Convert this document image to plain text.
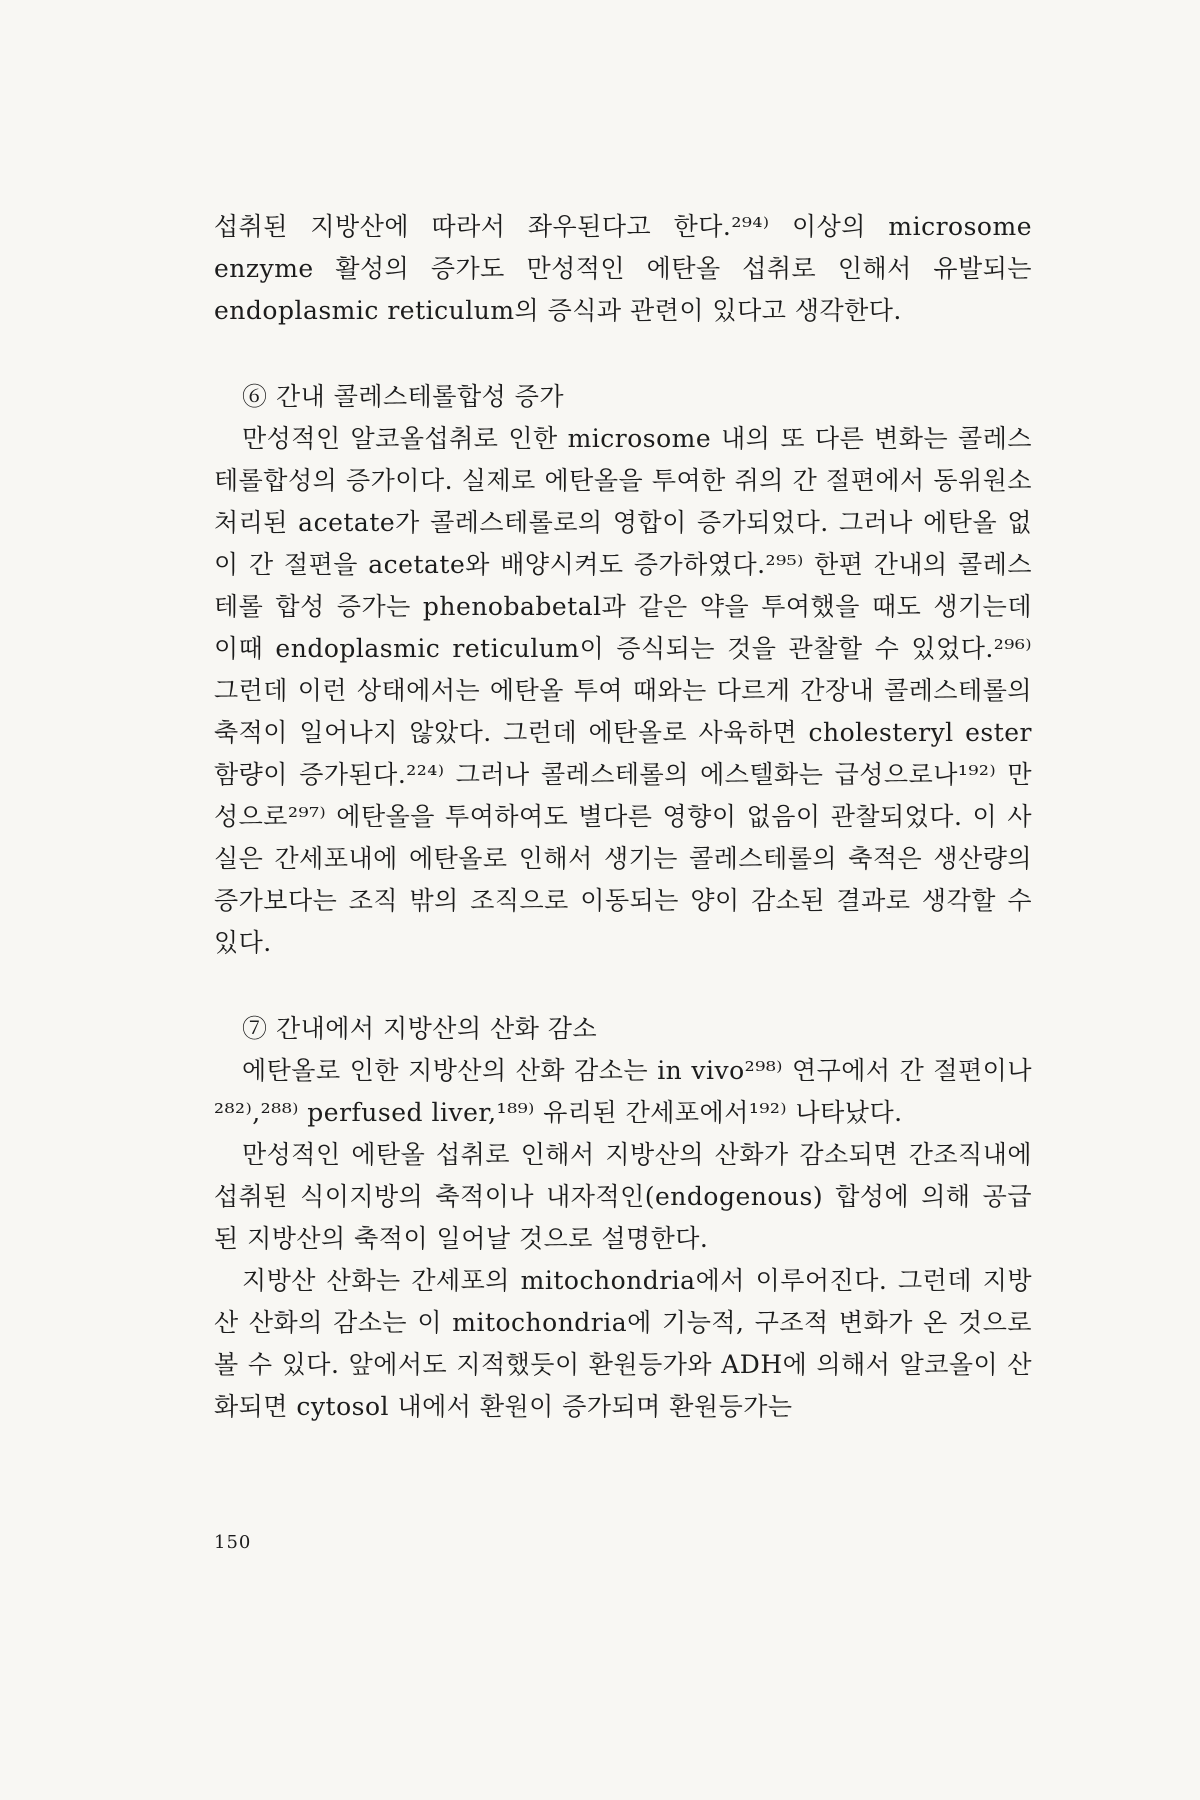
섭취된 지방산에 따라서 좌우된다고 한다.²⁹⁴⁾ 이상의 microsome enzyme 활성의 증가도 만성적인 에탄올 섭취로 인해서 유발되는 endoplasmic reticulum의 증식과 관련이 있다고 생각한다.

⑥ 간내 콜레스테롤합성 증가

만성적인 알코올섭취로 인한 microsome 내의 또 다른 변화는 콜레스테롤합성의 증가이다. 실제로 에탄올을 투여한 쥐의 간 절편에서 동위원소 처리된 acetate가 콜레스테롤로의 영합이 증가되었다. 그러나 에탄올 없이 간 절편을 acetate와 배양시켜도 증가하였다.²⁹⁵⁾ 한편 간내의 콜레스테롤 합성 증가는 phenobabetal과 같은 약을 투여했을 때도 생기는데 이때 endoplasmic reticulum이 증식되는 것을 관찰할 수 있었다.²⁹⁶⁾ 그런데 이런 상태에서는 에탄올 투여 때와는 다르게 간장내 콜레스테롤의 축적이 일어나지 않았다. 그런데 에탄올로 사육하면 cholesteryl ester 함량이 증가된다.²²⁴⁾ 그러나 콜레스테롤의 에스텔화는 급성으로나¹⁹²⁾ 만성으로²⁹⁷⁾ 에탄올을 투여하여도 별다른 영향이 없음이 관찰되었다. 이 사실은 간세포내에 에탄올로 인해서 생기는 콜레스테롤의 축적은 생산량의 증가보다는 조직 밖의 조직으로 이동되는 양이 감소된 결과로 생각할 수 있다.

⑦ 간내에서 지방산의 산화 감소

에탄올로 인한 지방산의 산화 감소는 in vivo²⁹⁸⁾ 연구에서 간 절편이나²⁸²⁾,²⁸⁸⁾ perfused liver,¹⁸⁹⁾ 유리된 간세포에서¹⁹²⁾ 나타났다.

만성적인 에탄올 섭취로 인해서 지방산의 산화가 감소되면 간조직내에 섭취된 식이지방의 축적이나 내자적인(endogenous) 합성에 의해 공급된 지방산의 축적이 일어날 것으로 설명한다.

지방산 산화는 간세포의 mitochondria에서 이루어진다. 그런데 지방산 산화의 감소는 이 mitochondria에 기능적, 구조적 변화가 온 것으로 볼 수 있다. 앞에서도 지적했듯이 환원등가와 ADH에 의해서 알코올이 산화되면 cytosol 내에서 환원이 증가되며 환원등가는

150
